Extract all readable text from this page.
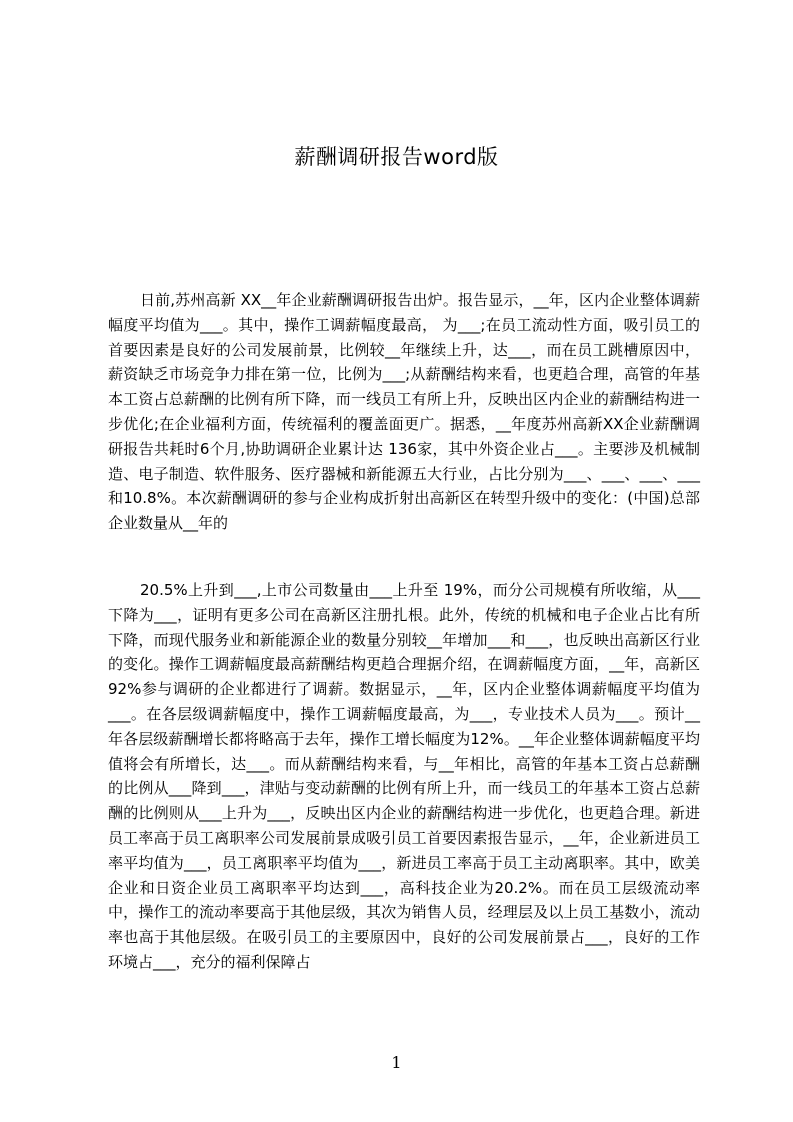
薪酬调研报告word版

日前,苏州高新 XX__年企业薪酬调研报告出炉。报告显示，__年，区内企业整体调薪幅度平均值为___。其中，操作工调薪幅度最高， 为___;在员工流动性方面，吸引员工的首要因素是良好的公司发展前景，比例较__年继续上升，达___，而在员工跳槽原因中，薪资缺乏市场竞争力排在第一位，比例为___;从薪酬结构来看，也更趋合理，高管的年基本工资占总薪酬的比例有所下降，而一线员工有所上升，反映出区内企业的薪酬结构进一步优化;在企业福利方面，传统福利的覆盖面更广。据悉，__年度苏州高新XX企业薪酬调研报告共耗时6个月,协助调研企业累计达 136家，其中外资企业占___。主要涉及机械制造、电子制造、软件服务、医疗器械和新能源五大行业，占比分别为___、___、___、___和10.8%。本次薪酬调研的参与企业构成折射出高新区在转型升级中的变化：(中国)总部企业数量从__年的

20.5%上升到___,上市公司数量由___上升至 19%，而分公司规模有所收缩，从___下降为___，证明有更多公司在高新区注册扎根。此外，传统的机械和电子企业占比有所下降，而现代服务业和新能源企业的数量分别较__年增加___和___，也反映出高新区行业的变化。操作工调薪幅度最高薪酬结构更趋合理据介绍，在调薪幅度方面，__年，高新区92%参与调研的企业都进行了调薪。数据显示，__年，区内企业整体调薪幅度平均值为___。在各层级调薪幅度中，操作工调薪幅度最高，为___，专业技术人员为___。预计__年各层级薪酬增长都将略高于去年，操作工增长幅度为12%。__年企业整体调薪幅度平均值将会有所增长，达___。而从薪酬结构来看，与__年相比，高管的年基本工资占总薪酬的比例从___降到___，津贴与变动薪酬的比例有所上升，而一线员工的年基本工资占总薪酬的比例则从___上升为___，反映出区内企业的薪酬结构进一步优化，也更趋合理。新进员工率高于员工离职率公司发展前景成吸引员工首要因素报告显示，__年，企业新进员工率平均值为___，员工离职率平均值为___，新进员工率高于员工主动离职率。其中，欧美企业和日资企业员工离职率平均达到___，高科技企业为20.2%。而在员工层级流动率中，操作工的流动率要高于其他层级，其次为销售人员，经理层及以上员工基数小，流动率也高于其他层级。在吸引员工的主要原因中，良好的公司发展前景占___，良好的工作环境占___，充分的福利保障占

1
